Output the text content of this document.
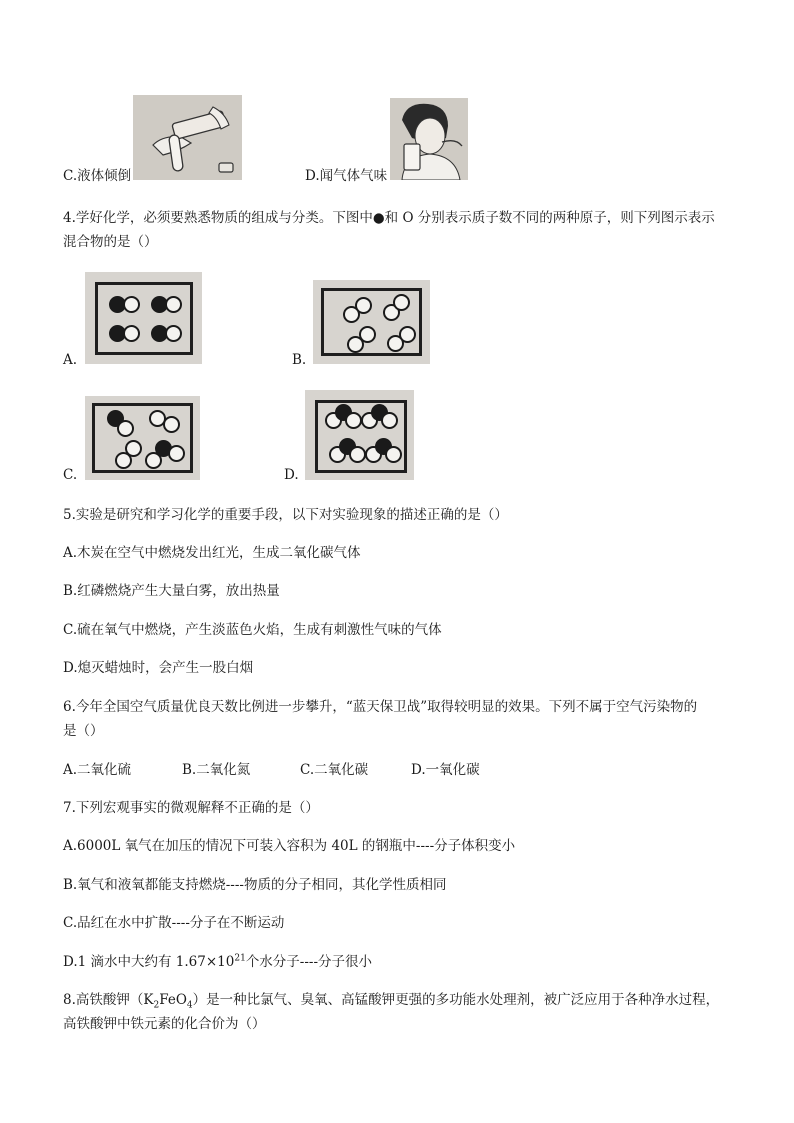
C.液体倾倒	D.闻气体气味
4.学好化学，必须要熟悉物质的组成与分类。下图中●和 O 分别表示质子数不同的两种原子，则下列图示表示
混合物的是（）
A.	B.
C.	D.
5.实验是研究和学习化学的重要手段，以下对实验现象的描述正确的是（）
A.木炭在空气中燃烧发出红光，生成二氧化碳气体
B.红磷燃烧产生大量白雾，放出热量
C.硫在氧气中燃烧，产生淡蓝色火焰，生成有刺激性气味的气体
D.熄灭蜡烛时，会产生一股白烟
6.今年全国空气质量优良天数比例进一步攀升，“蓝天保卫战”取得较明显的效果。下列不属于空气污染物的
是（）
A.二氧化硫	B.二氧化氮	C.二氧化碳	D.一氧化碳
7.下列宏观事实的微观解释不正确的是（）
A.6000L 氧气在加压的情况下可装入容积为 40L 的钢瓶中----分子体积变小
B.氧气和液氧都能支持燃烧----物质的分子相同，其化学性质相同
C.品红在水中扩散----分子在不断运动
D.1 滴水中大约有 $1.67\times 10^{21}$个水分子----分子很小
8.高铁酸钾$(K_2FeO_4)$是一种比氯气、臭氧、高锰酸钾更强的多功能水处理剂，被广泛应用于各种净水过程，
高铁酸钾中铁元素的化合价为（）
